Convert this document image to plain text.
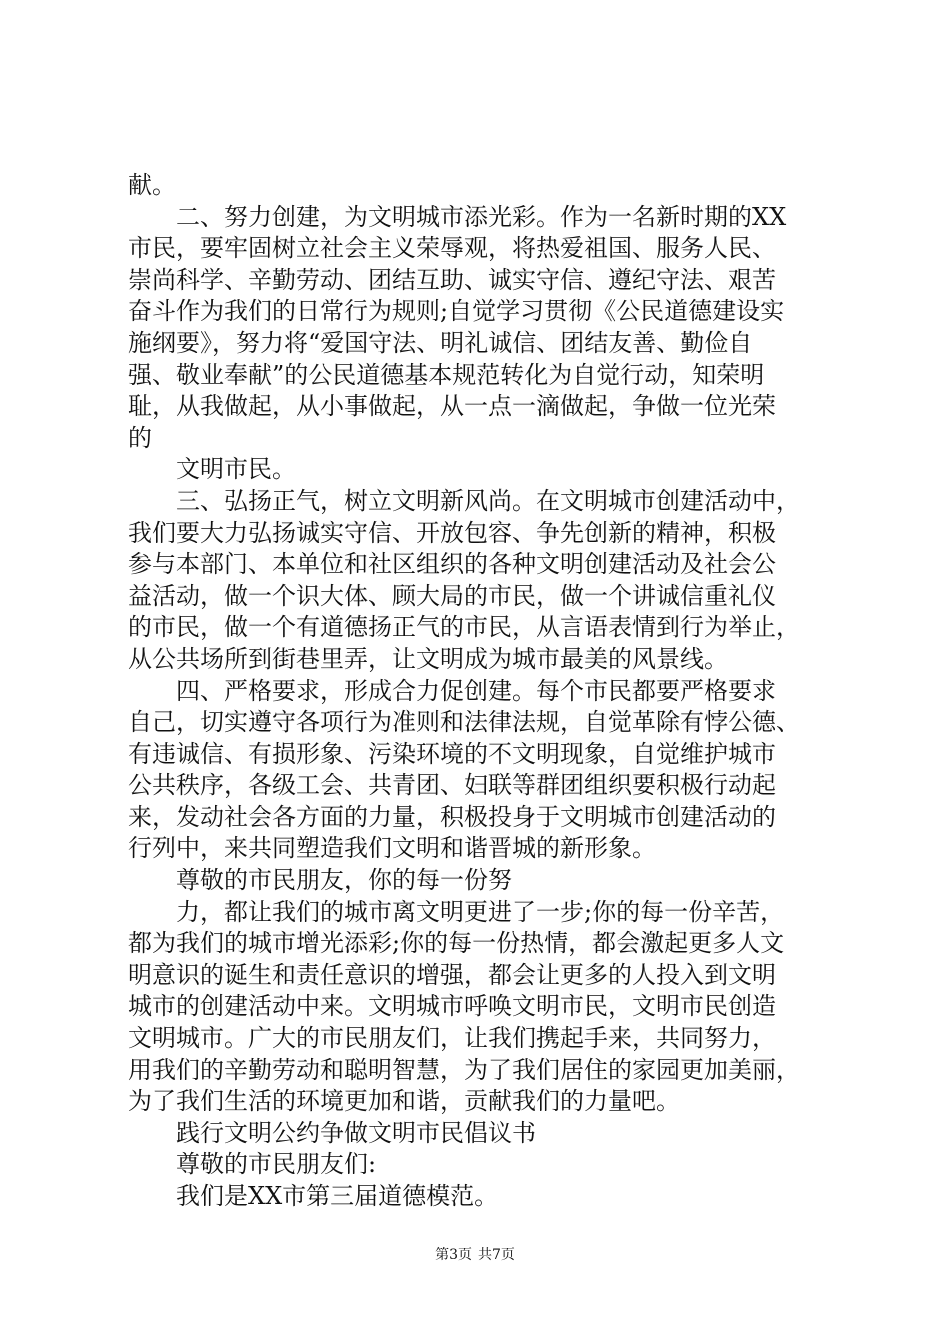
献。
二、努力创建，为文明城市添光彩。作为一名新时期的XX
市民，要牢固树立社会主义荣辱观，将热爱祖国、服务人民、
崇尚科学、辛勤劳动、团结互助、诚实守信、遵纪守法、艰苦
奋斗作为我们的日常行为规则;自觉学习贯彻《公民道德建设实
施纲要》，努力将“爱国守法、明礼诚信、团结友善、勤俭自
强、敬业奉献”的公民道德基本规范转化为自觉行动，知荣明
耻，从我做起，从小事做起，从一点一滴做起，争做一位光荣
的
文明市民。
三、弘扬正气，树立文明新风尚。在文明城市创建活动中，
我们要大力弘扬诚实守信、开放包容、争先创新的精神，积极
参与本部门、本单位和社区组织的各种文明创建活动及社会公
益活动，做一个识大体、顾大局的市民，做一个讲诚信重礼仪
的市民，做一个有道德扬正气的市民，从言语表情到行为举止，
从公共场所到街巷里弄，让文明成为城市最美的风景线。
四、严格要求，形成合力促创建。每个市民都要严格要求
自己，切实遵守各项行为准则和法律法规，自觉革除有悖公德、
有违诚信、有损形象、污染环境的不文明现象，自觉维护城市
公共秩序，各级工会、共青团、妇联等群团组织要积极行动起
来，发动社会各方面的力量，积极投身于文明城市创建活动的
行列中，来共同塑造我们文明和谐晋城的新形象。
尊敬的市民朋友，你的每一份努
力，都让我们的城市离文明更进了一步;你的每一份辛苦，
都为我们的城市增光添彩;你的每一份热情，都会激起更多人文
明意识的诞生和责任意识的增强，都会让更多的人投入到文明
城市的创建活动中来。文明城市呼唤文明市民，文明市民创造
文明城市。广大的市民朋友们，让我们携起手来，共同努力，
用我们的辛勤劳动和聪明智慧，为了我们居住的家园更加美丽，
为了我们生活的环境更加和谐，贡献我们的力量吧。
践行文明公约争做文明市民倡议书
尊敬的市民朋友们:
我们是XX市第三届道德模范。
第3页 共7页
